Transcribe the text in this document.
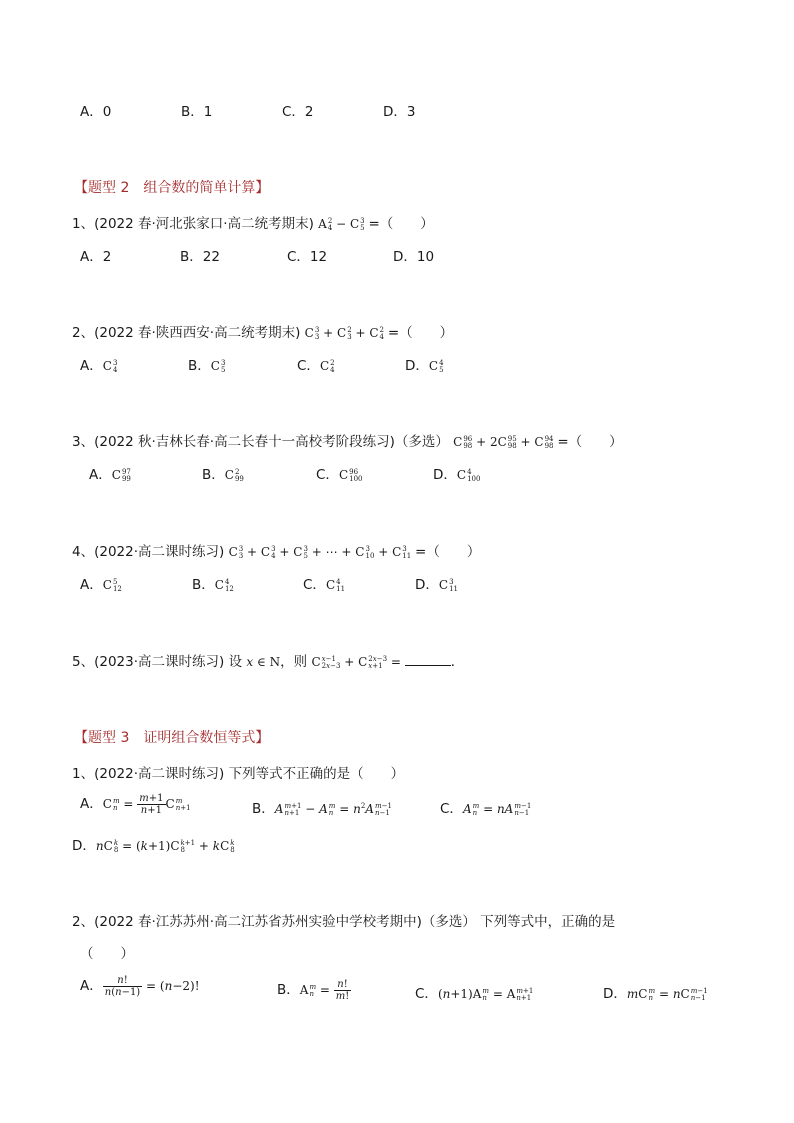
A．0	B．1	C．2	D．3
【题型 2　组合数的简单计算】
1、(2022 春·河北张家口·高二统考期末) A 2
4 − C 3
5 =（　　）
A．2	B．22	C．12	D．10
2、(2022 春·陕西西安·高二统考期末) C 3
3 + C 2
3 + C 2
4 =（　　）
A．C 3
4	B．C 3
5	C．C 2
4	D．C 4
5
3、(2022 秋·吉林长春·高二长春十一高校考阶段练习)（多选） C 96
98 + 2C 95
98 + C 94
98 =（　　）
A．C 97
99	B．C 2
99	C．C 96
100	D．C 4
100
4、(2022·高二课时练习) C 3
3 + C 3
4 + C 3
5 + ⋯ + C 3
10 + C 3
11 =（　　）
A．C 5
12	B．C 4
12	C．C 4
11	D．C 3
11
5、(2023·高二课时练习) 设 x ∈ N，则 C x−1
2x−3 + C 2x−3
x+1 =	．
【题型 3　证明组合数恒等式】
1、(2022·高二课时练习) 下列等式不正确的是（　　）
A．C m
$n = \frac{m+1}{n+1}$ C m
n+1	B．A m+1
n+1 − A m
$n = n^2A$ m−1
n−1	C．A m
n = nA m−1
n−1
D．nC k
8 = (k+1)C k+1
8 + kC k
8
2、(2022 春·江苏苏州·高二江苏省苏州实验中学校考期中)（多选） 下列等式中，正确的是
（　　）
A． $\frac{n!}{n(n-1)} = (n-2)$!	B．A m
$n = \frac{n!}{m!}$	C．(n+1)A m
n = A m+1
n+1	D．mC m
n = nC m−1
n−1
